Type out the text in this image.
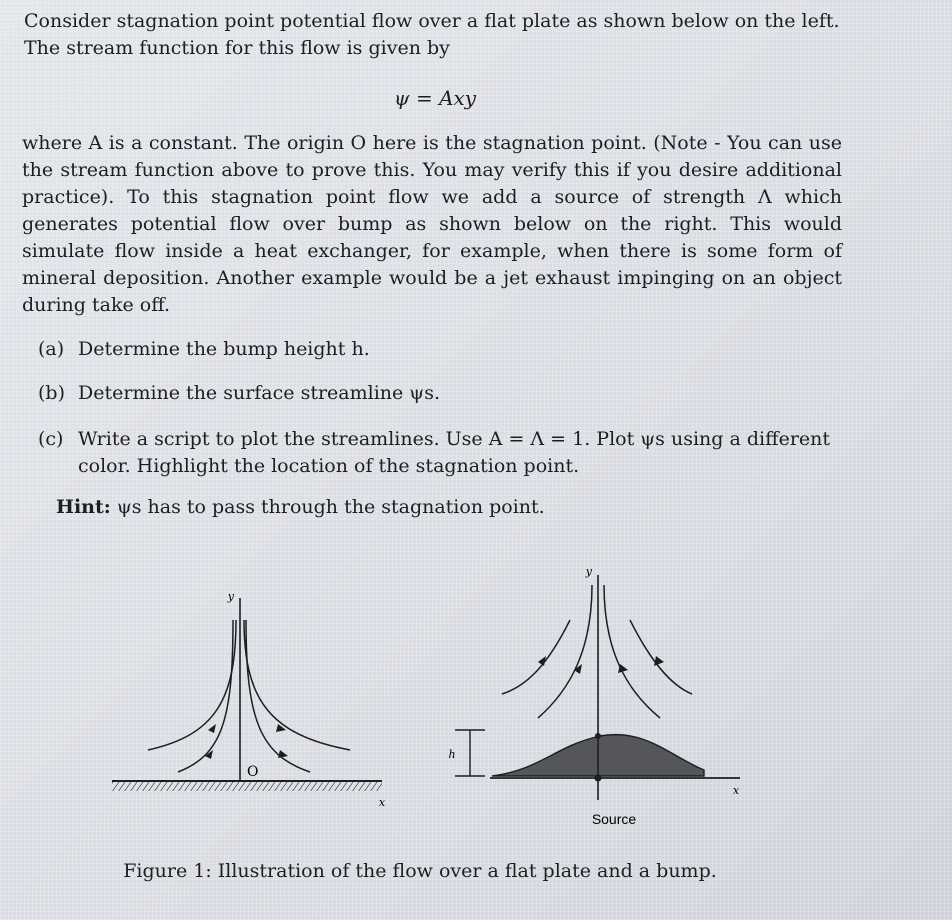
Consider stagnation point potential flow over a flat plate as shown below on the left. The stream function for this flow is given by

ψ = Axy

where A is a constant. The origin O here is the stagnation point. (Note - You can use the stream function above to prove this. You may verify this if you desire additional practice). To this stagnation point flow we add a source of strength Λ which generates potential flow over bump as shown below on the right. This would simulate flow inside a heat exchanger, for example, when there is some form of mineral deposition. Another example would be a jet exhaust impinging on an object during take off.

(a) Determine the bump height h.
(b) Determine the surface streamline ψs.
(c) Write a script to plot the streamlines. Use A = Λ = 1. Plot ψs using a different
color. Highlight the location of the stagnation point.
Hint: ψs has to pass through the stagnation point.
y
x
O
h
y
x
Source
Figure 1: Illustration of the flow over a flat plate and a bump.
